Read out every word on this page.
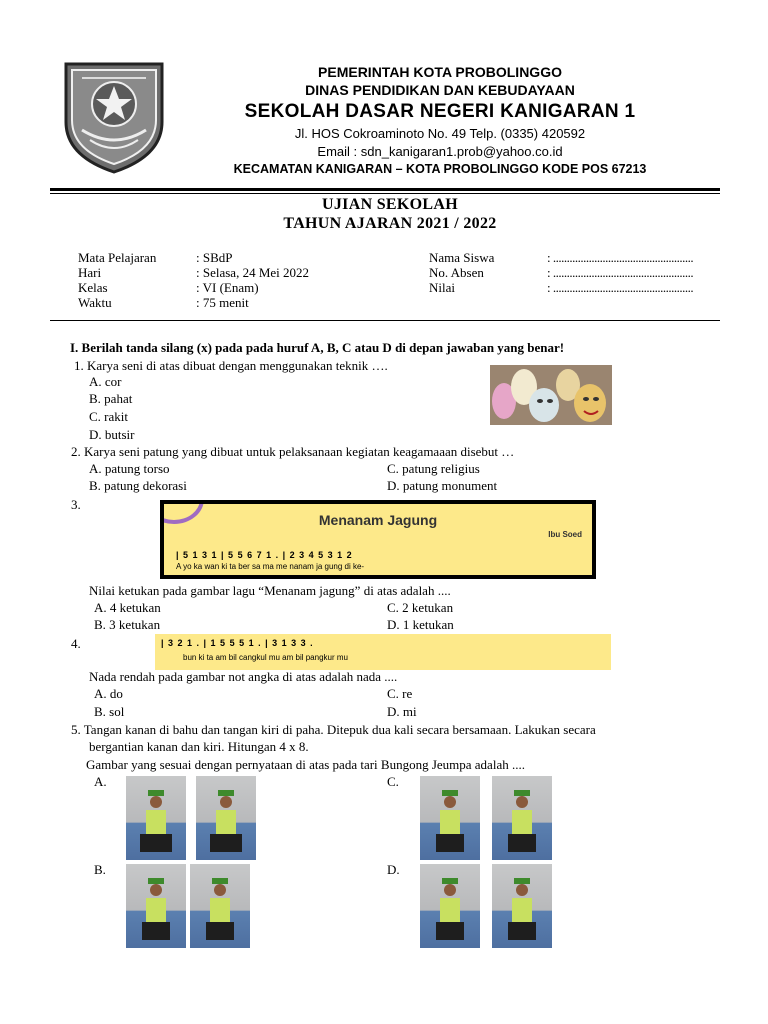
PEMERINTAH KOTA PROBOLINGGO
DINAS PENDIDIKAN DAN KEBUDAYAAN
SEKOLAH DASAR NEGERI KANIGARAN 1
Jl. HOS Cokroaminoto No. 49 Telp. (0335) 420592
Email : sdn_kanigaran1.prob@yahoo.co.id
KECAMATAN KANIGARAN – KOTA PROBOLINGGO KODE POS 67213
UJIAN SEKOLAH
TAHUN AJARAN 2021 / 2022
Mata Pelajaran	: SBdP
Hari	: Selasa, 24 Mei 2022
Kelas	: VI (Enam)
Waktu	: 75 menit
Nama Siswa	: ...................................................
No. Absen	: ...................................................
Nilai	: ...................................................
I. Berilah tanda silang (x) pada pada huruf A, B, C atau D di depan jawaban yang benar!
1. Karya seni di atas dibuat dengan menggunakan teknik ….
A. cor
B. pahat
C. rakit
D. butsir
2. Karya seni patung yang dibuat untuk pelaksanaan kegiatan keagamaaan disebut …
A. patung torso
B. patung dekorasi
C. patung religius
D. patung monument
3.
Menanam Jagung
Ibu Soed
| 5 1 3 1 | 5 5 6 7 1 . | 2 3 4 5 3 1 2
A yo ka wan ki ta ber sa ma me nanam ja gung di ke-
Nilai ketukan pada gambar lagu “Menanam jagung” di atas adalah ....
A. 4 ketukan
B. 3 ketukan
C. 2 ketukan
D. 1 ketukan
4.	| 3 2 1 . | 1 5 5 5 1 . | 3 1 3 3 .
bun ki ta am bil cangkul mu am bil pangkur mu
Nada rendah pada gambar not angka di atas adalah nada ....
A. do
B. sol
C. re
D. mi
5. Tangan kanan di bahu dan tangan kiri di paha. Ditepuk dua kali secara bersamaan. Lakukan secara
bergantian kanan dan kiri. Hitungan 4 x 8.
Gambar yang sesuai dengan pernyataan di atas pada tari Bungong Jeumpa adalah ....
A.	C.
B.	D.
